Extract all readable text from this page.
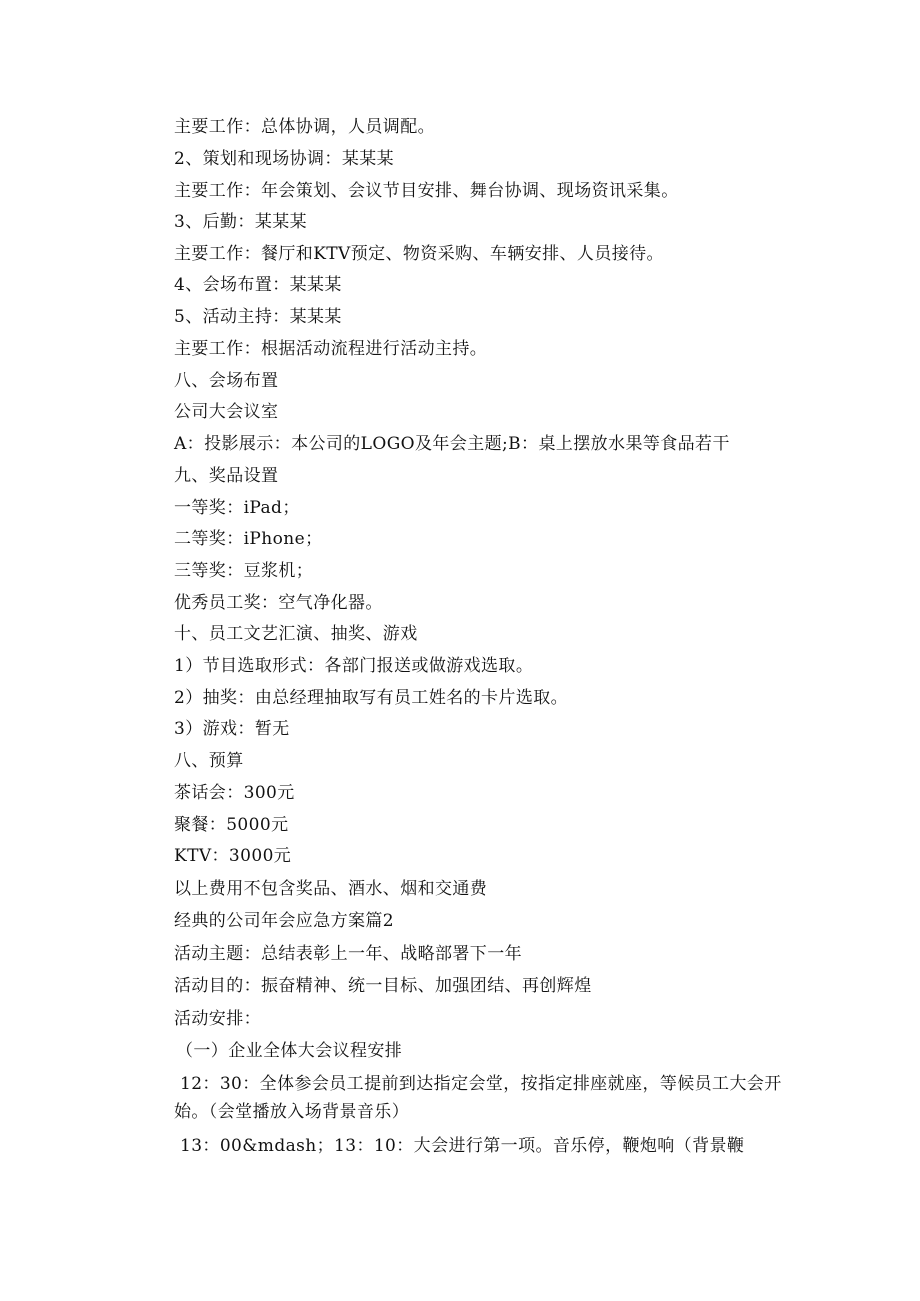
主要工作：总体协调，人员调配。
2、策划和现场协调：某某某
主要工作：年会策划、会议节目安排、舞台协调、现场资讯采集。
3、后勤：某某某
主要工作：餐厅和KTV预定、物资采购、车辆安排、人员接待。
4、会场布置：某某某
5、活动主持：某某某
主要工作：根据活动流程进行活动主持。
八、会场布置
公司大会议室
A：投影展示：本公司的LOGO及年会主题;B：桌上摆放水果等食品若干
九、奖品设置
一等奖：iPad；
二等奖：iPhone；
三等奖：豆浆机；
优秀员工奖：空气净化器。
十、员工文艺汇演、抽奖、游戏
1）节目选取形式：各部门报送或做游戏选取。
2）抽奖：由总经理抽取写有员工姓名的卡片选取。
3）游戏：暂无
八、预算
茶话会：300元
聚餐：5000元
KTV：3000元
以上费用不包含奖品、酒水、烟和交通费
经典的公司年会应急方案篇2
活动主题：总结表彰上一年、战略部署下一年
活动目的：振奋精神、统一目标、加强团结、再创辉煌
活动安排：
（一）企业全体大会议程安排
12：30：全体参会员工提前到达指定会堂，按指定排座就座，等候员工大会开始。（会堂播放入场背景音乐）
13：00&mdash；13：10：大会进行第一项。音乐停，鞭炮响（背景鞭
